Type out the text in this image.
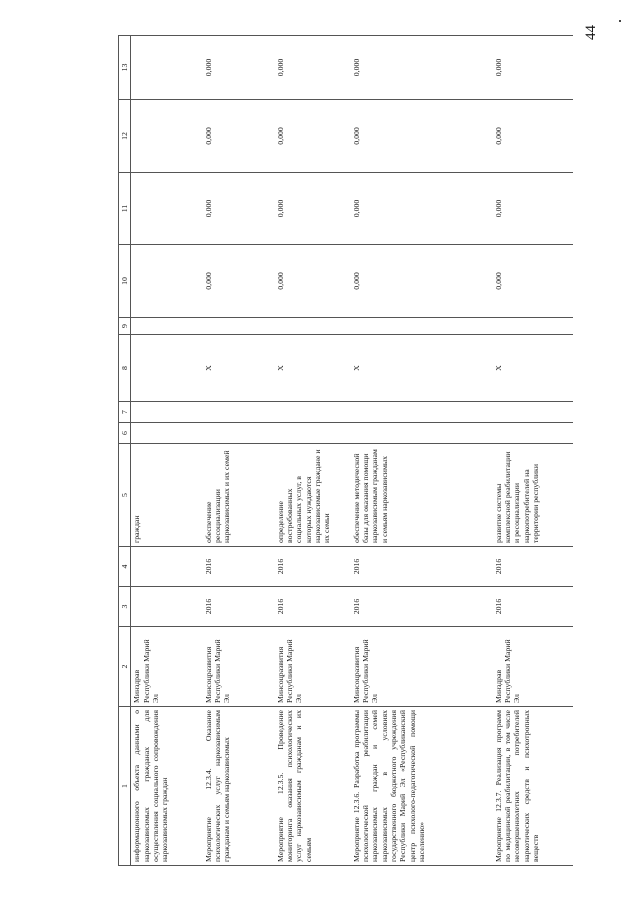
44
1	2	3	4	5	6	7	8	9	10	11	12	13
информационного объекта данными о наркозависимых гражданах для осуществления социального сопровождения наркозависимых граждан	Минздрав Республики Марий Эл			граждан								
Мероприятие 12.3.4. Оказание психологических услуг наркозависимым гражданам и семьям наркозависимых	Минсоцразвития Республики Марий Эл	2016	2016	обеспечение ресоциализации наркозависимых и их семей			Х		0,000	0,000	0,000	0,000
Мероприятие 12.3.5. Проведение мониторинга оказания психологических услуг наркозависимым гражданам и их семьям	Минсоцразвития Республики Марий Эл	2016	2016	определение востребованных социальных услуг, в которых нуждаются наркозависимые граждане и их семьи			Х		0,000	0,000	0,000	0,000
Мероприятие 12.3.6. Разработка программы психологической реабилитации наркозависимых граждан и семей наркозависимых в условиях государственного бюджетного учреждения Республики Марий Эл «Республиканский центр психолого-педагогической помощи населению»	Минсоцразвития Республики Марий Эл	2016	2016	обеспечение методической базы для оказания помощи наркозависимым гражданам и семьям наркозависимых			Х		0,000	0,000	0,000	0,000
Мероприятие 12.3.7. Реализация программ по медицинской реабилитации, в том числе несовершеннолетних потребителей наркотических средств и психотропных веществ	Минздрав Республики Марий Эл	2016	2016	развитие системы комплексной реабилитации и ресоциализации наркопотребителей на территории республики			Х		0,000	0,000	0,000	0,000
